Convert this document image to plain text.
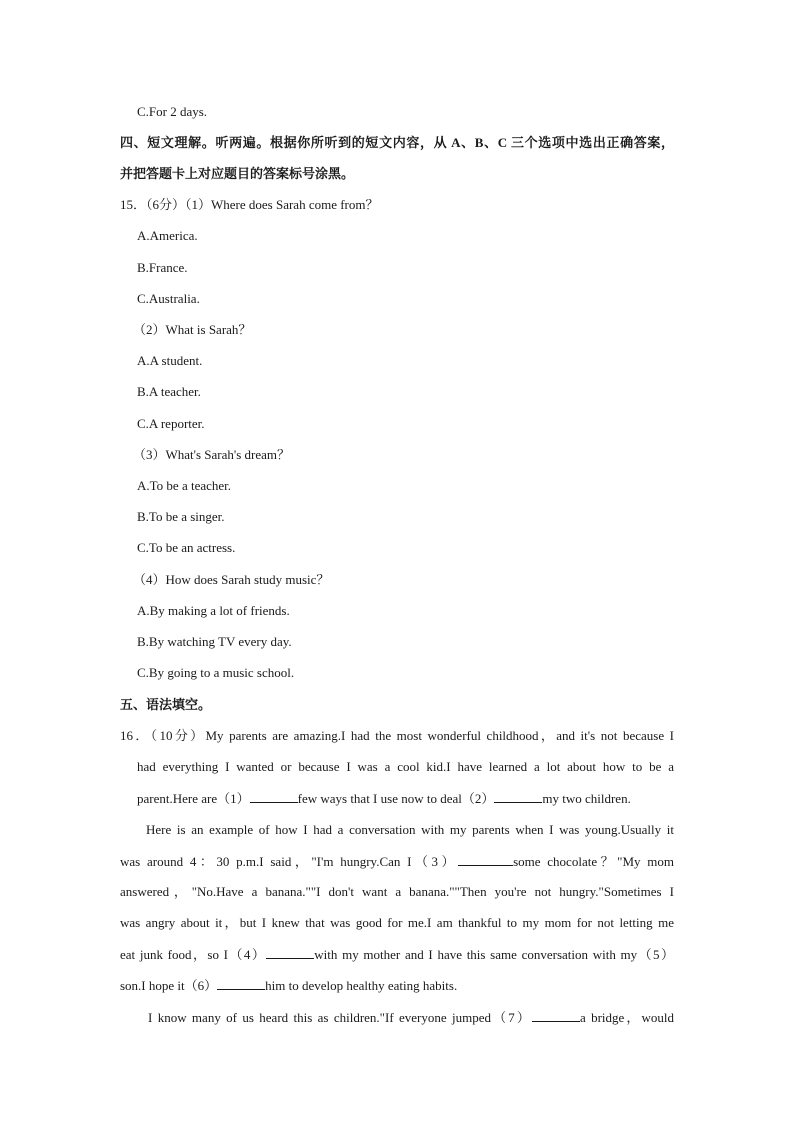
C.For 2 days.
四、短文理解。听两遍。根据你所听到的短文内容，从 A、B、C 三个选项中选出正确答案，
并把答题卡上对应题目的答案标号涂黑。
15．（6分）（1）Where does Sarah come from？
A.America.
B.France.
C.Australia.
（2）What is Sarah？
A.A student.
B.A teacher.
C.A reporter.
（3）What's Sarah's dream？
A.To be a teacher.
B.To be a singer.
C.To be an actress.
（4）How does Sarah study music？
A.By making a lot of friends.
B.By watching TV every day.
C.By going to a music school.
五、语法填空。
16．（10分）My parents are amazing.I had the most wonderful childhood，and it's not because I
had everything I wanted or because I was a cool kid.I have learned a lot about how to be a
parent.Here are（1）	few ways that I use now to deal（2）	my two children.
Here is an example of how I had a conversation with my parents when I was young.Usually it
was around 4：30 p.m.I said，"I'm hungry.Can I（3）	some chocolate？"My mom
answered，"No.Have a banana.""I don't want a banana.""Then you're not hungry."Sometimes I
was angry about it，but I knew that was good for me.I am thankful to my mom for not letting me
eat junk food，so I（4）	with my mother and I have this same conversation with my（5）
son.I hope it（6）	him to develop healthy eating habits.
I know many of us heard this as children."If everyone jumped（7）	a bridge，would
